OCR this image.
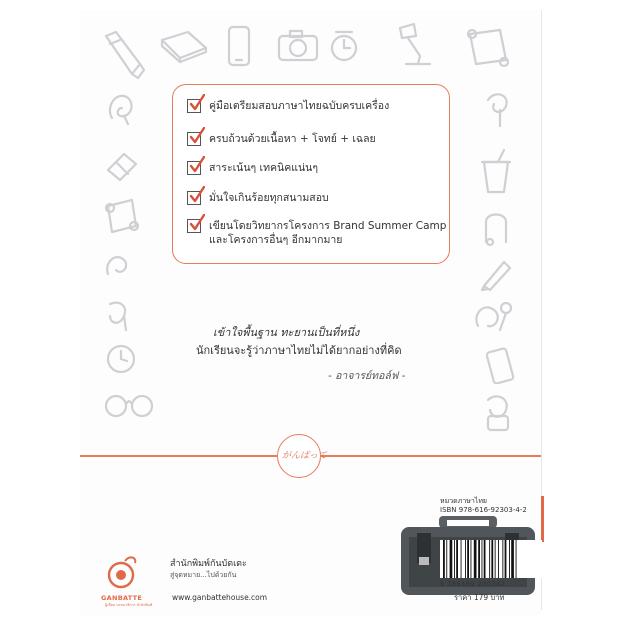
คู่มือเตรียมสอบภาษาไทยฉบับครบเครื่อง
ครบถ้วนด้วยเนื้อหา + โจทย์ + เฉลย
สาระเน้นๆ เทคนิคแน่นๆ
มั่นใจเกินร้อยทุกสนามสอบ
เขียนโดยวิทยากรโครงการ Brand Summer Camp
และโครงการอื่นๆ อีกมากมาย
เข้าใจพื้นฐาน ทะยานเป็นที่หนึ่ง
นักเรียนจะรู้ว่าภาษาไทยไม่ได้ยากอย่างที่คิด
- อาจารย์ทอล์ฟ -
がんばって
หมวดภาษาไทย
ISBN 978-616-92303-4-2
9 786169 230342
ราคา 179 บาท
GANBATTE
ผู้เขียน บรรณาธิการ สำนักพิมพ์
สำนักพิมพ์กันบัตเตะ
สู่จุดหมาย...ไปด้วยกัน
www.ganbattehouse.com
